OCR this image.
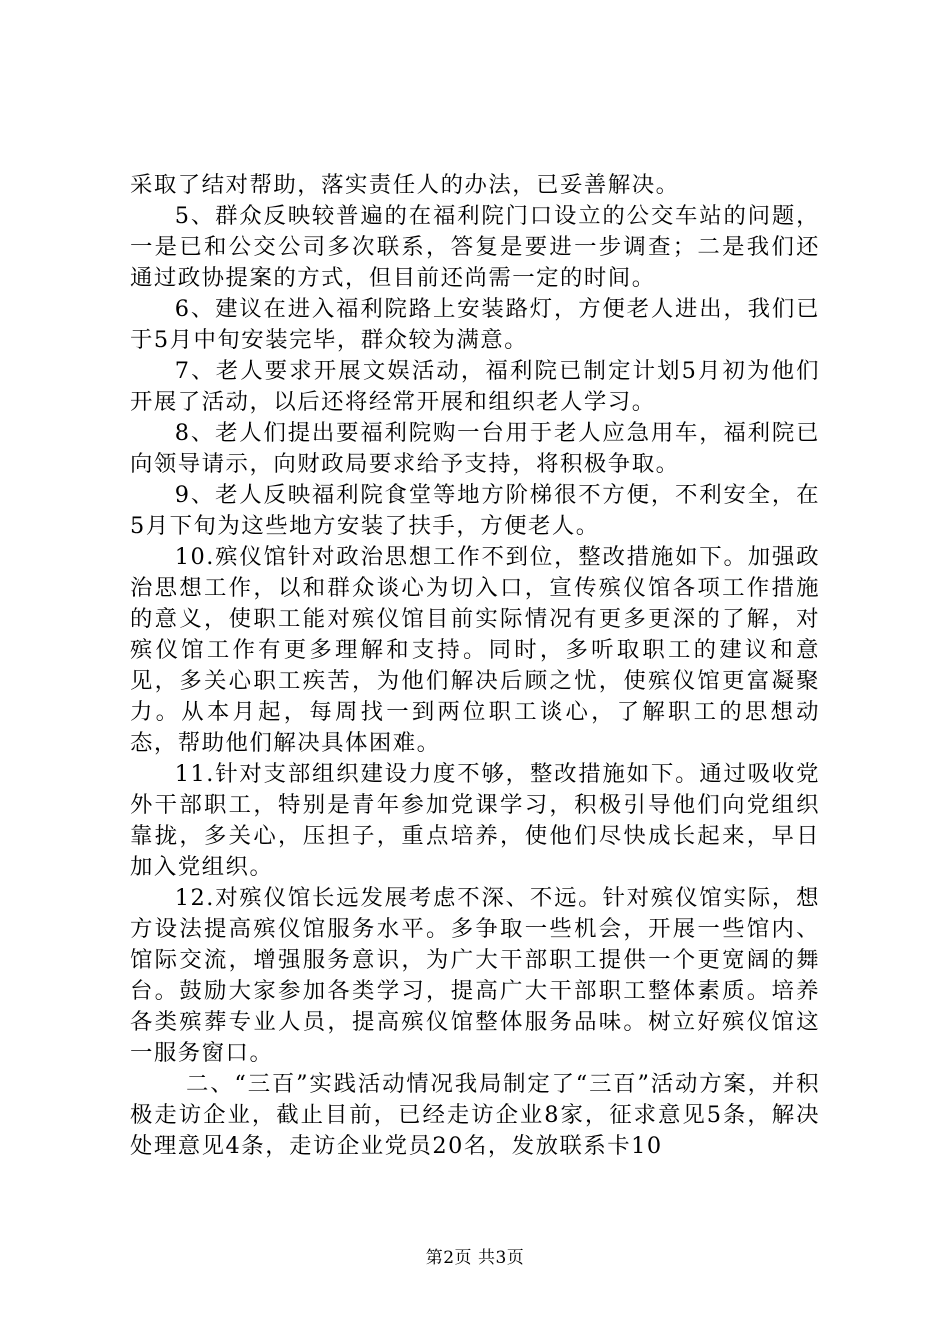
采取了结对帮助，落实责任人的办法，已妥善解决。

5、群众反映较普遍的在福利院门口设立的公交车站的问题，一是已和公交公司多次联系，答复是要进一步调查；二是我们还通过政协提案的方式，但目前还尚需一定的时间。

6、建议在进入福利院路上安装路灯，方便老人进出，我们已于5月中旬安装完毕，群众较为满意。

7、老人要求开展文娱活动，福利院已制定计划5月初为他们开展了活动，以后还将经常开展和组织老人学习。

8、老人们提出要福利院购一台用于老人应急用车，福利院已向领导请示，向财政局要求给予支持，将积极争取。

9、老人反映福利院食堂等地方阶梯很不方便，不利安全，在5月下旬为这些地方安装了扶手，方便老人。

10.殡仪馆针对政治思想工作不到位，整改措施如下。加强政治思想工作，以和群众谈心为切入口，宣传殡仪馆各项工作措施的意义，使职工能对殡仪馆目前实际情况有更多更深的了解，对殡仪馆工作有更多理解和支持。同时，多听取职工的建议和意见，多关心职工疾苦，为他们解决后顾之忧，使殡仪馆更富凝聚力。从本月起，每周找一到两位职工谈心，了解职工的思想动态，帮助他们解决具体困难。

11.针对支部组织建设力度不够，整改措施如下。通过吸收党外干部职工，特别是青年参加党课学习，积极引导他们向党组织靠拢，多关心，压担子，重点培养，使他们尽快成长起来，早日加入党组织。

12.对殡仪馆长远发展考虑不深、不远。针对殡仪馆实际，想方设法提高殡仪馆服务水平。多争取一些机会，开展一些馆内、馆际交流，增强服务意识，为广大干部职工提供一个更宽阔的舞台。鼓励大家参加各类学习，提高广大干部职工整体素质。培养各类殡葬专业人员，提高殡仪馆整体服务品味。树立好殡仪馆这一服务窗口。

二、“三百”实践活动情况我局制定了“三百”活动方案，并积极走访企业，截止目前，已经走访企业8家，征求意见5条，解决处理意见4条，走访企业党员20名，发放联系卡10

第2页 共3页
